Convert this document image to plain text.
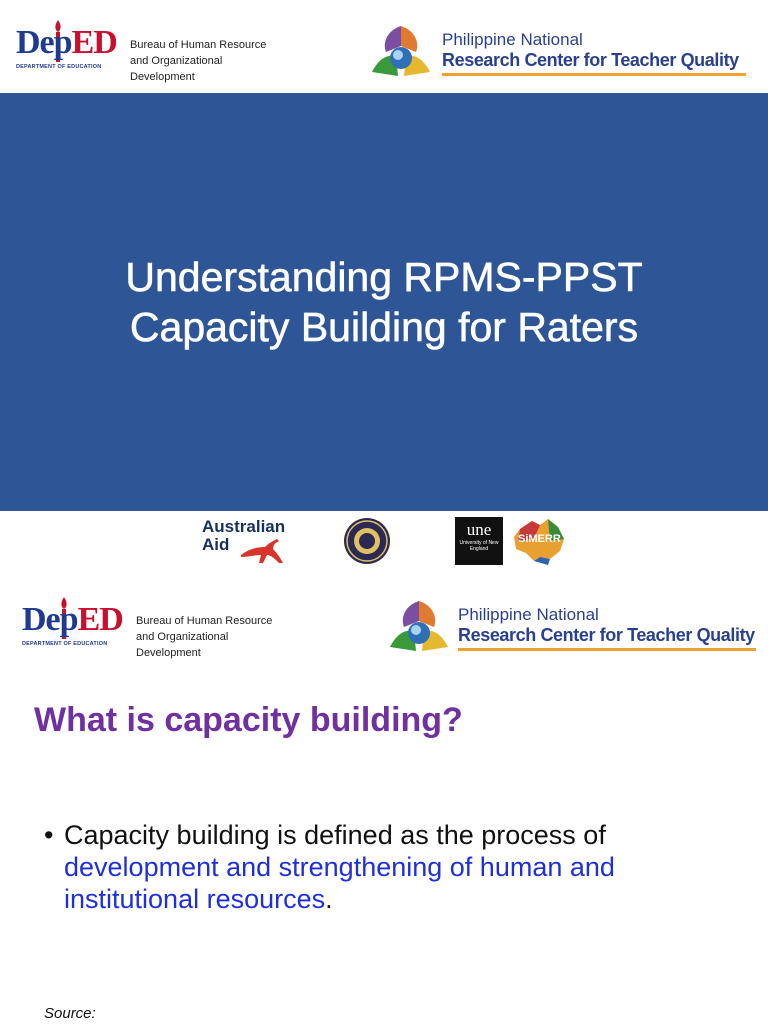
DepED
DEPARTMENT OF EDUCATION
Bureau of Human Resource
and Organizational
Development
Philippine National
Research Center for Teacher Quality
Understanding RPMS-PPST
Capacity Building for Raters
Australian
Aid
une
University of New England
SiMERR
DepED
DEPARTMENT OF EDUCATION
Bureau of Human Resource
and Organizational
Development
Philippine National
Research Center for Teacher Quality
What is capacity building?
• Capacity building is defined as the process of development and strengthening of human and institutional resources.
Source:
